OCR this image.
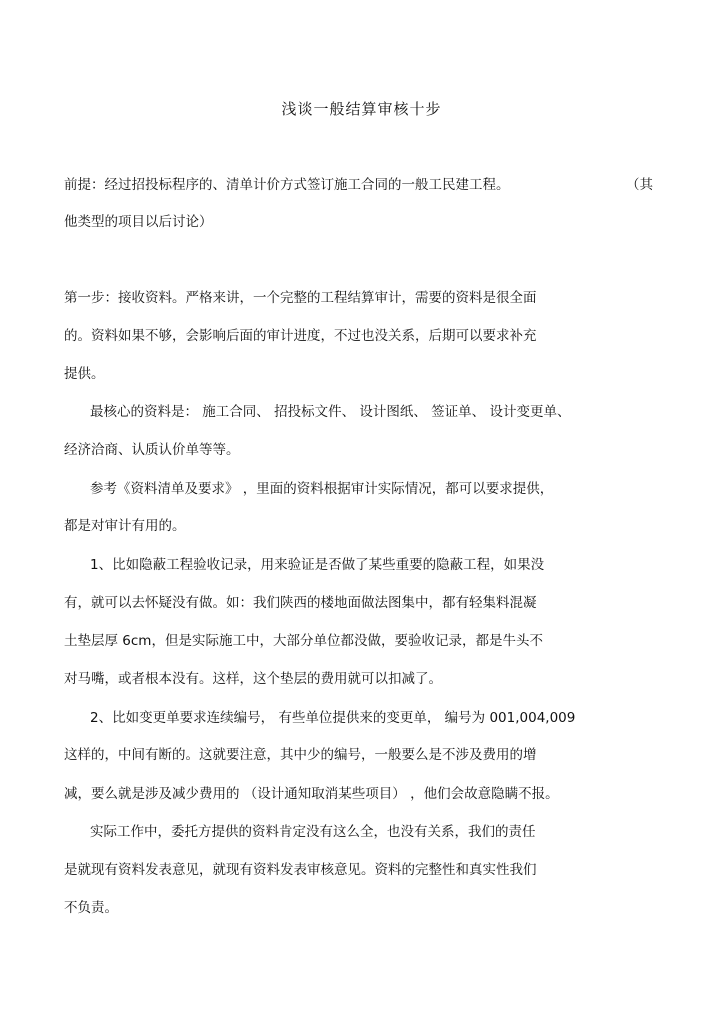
浅谈一般结算审核十步
前提：经过招投标程序的、清单计价方式签订施工合同的一般工民建工程。	（其
他类型的项目以后讨论）
第一步：接收资料。严格来讲，一个完整的工程结算审计，需要的资料是很全面
的。资料如果不够，会影响后面的审计进度，不过也没关系，后期可以要求补充
提供。
最核心的资料是： 施工合同、 招投标文件、 设计图纸、 签证单、 设计变更单、
经济洽商、认质认价单等等。
参考《资料清单及要求》 ，里面的资料根据审计实际情况，都可以要求提供，
都是对审计有用的。
1、比如隐蔽工程验收记录，用来验证是否做了某些重要的隐蔽工程，如果没
有，就可以去怀疑没有做。如：我们陕西的楼地面做法图集中，都有轻集料混凝
土垫层厚 6cm，但是实际施工中，大部分单位都没做，要验收记录，都是牛头不
对马嘴，或者根本没有。这样，这个垫层的费用就可以扣减了。
2、比如变更单要求连续编号， 有些单位提供来的变更单， 编号为 001,004,009
这样的，中间有断的。这就要注意，其中少的编号，一般要么是不涉及费用的增
减，要么就是涉及减少费用的 （设计通知取消某些项目） ，他们会故意隐瞒不报。
实际工作中，委托方提供的资料肯定没有这么全，也没有关系，我们的责任
是就现有资料发表意见，就现有资料发表审核意见。资料的完整性和真实性我们
不负责。
